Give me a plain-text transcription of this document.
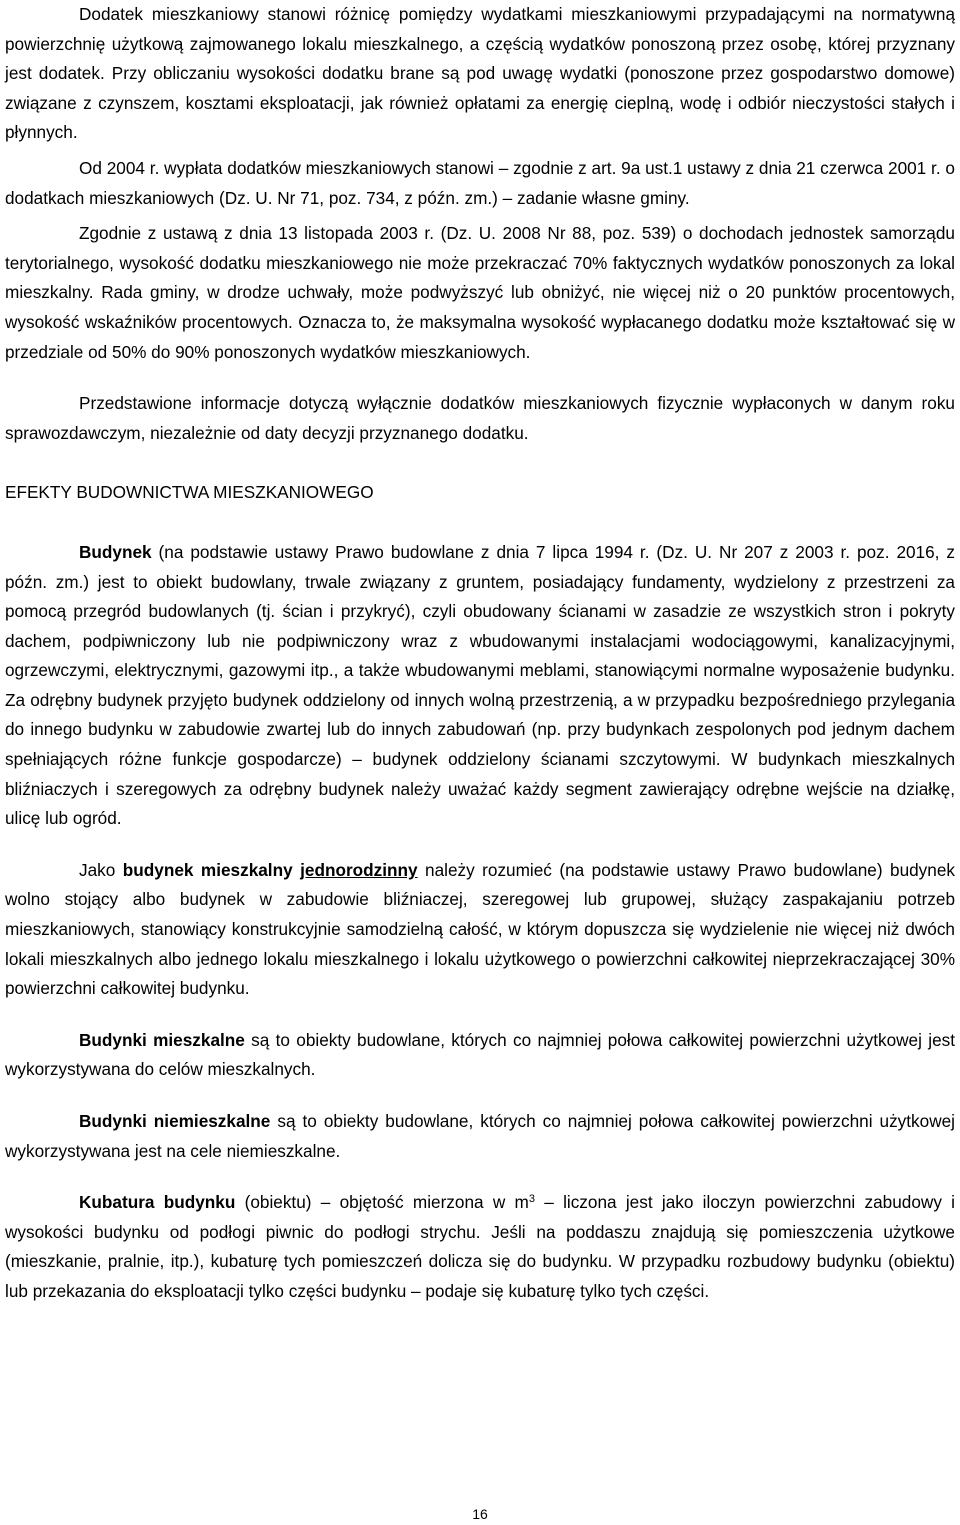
Dodatek mieszkaniowy stanowi różnicę pomiędzy wydatkami mieszkaniowymi przypadającymi na normatywną powierzchnię użytkową zajmowanego lokalu mieszkalnego, a częścią wydatków ponoszoną przez osobę, której przyznany jest dodatek. Przy obliczaniu wysokości dodatku brane są pod uwagę wydatki (ponoszone przez gospodarstwo domowe) związane z czynszem, kosztami eksploatacji, jak również opłatami za energię cieplną, wodę i odbiór nieczystości stałych i płynnych.

Od 2004 r. wypłata dodatków mieszkaniowych stanowi – zgodnie z art. 9a ust.1 ustawy z dnia 21 czerwca 2001 r. o dodatkach mieszkaniowych (Dz. U. Nr 71, poz. 734, z późn. zm.) – zadanie własne gminy.

Zgodnie z ustawą z dnia 13 listopada 2003 r. (Dz. U. 2008 Nr 88, poz. 539) o dochodach jednostek samorządu terytorialnego, wysokość dodatku mieszkaniowego nie może przekraczać 70% faktycznych wydatków ponoszonych za lokal mieszkalny. Rada gminy, w drodze uchwały, może podwyższyć lub obniżyć, nie więcej niż o 20 punktów procentowych, wysokość wskaźników procentowych. Oznacza to, że maksymalna wysokość wypłacanego dodatku może kształtować się w przedziale od 50% do 90% ponoszonych wydatków mieszkaniowych.

Przedstawione informacje dotyczą wyłącznie dodatków mieszkaniowych fizycznie wypłaconych w danym roku sprawozdawczym, niezależnie od daty decyzji przyznanego dodatku.

EFEKTY BUDOWNICTWA MIESZKANIOWEGO

Budynek (na podstawie ustawy Prawo budowlane z dnia 7 lipca 1994 r. (Dz. U. Nr 207 z 2003 r. poz. 2016, z późn. zm.) jest to obiekt budowlany, trwale związany z gruntem, posiadający fundamenty, wydzielony z przestrzeni za pomocą przegród budowlanych (tj. ścian i przykryć), czyli obudowany ścianami w zasadzie ze wszystkich stron i pokryty dachem, podpiwniczony lub nie podpiwniczony wraz z wbudowanymi instalacjami wodociągowymi, kanalizacyjnymi, ogrzewczymi, elektrycznymi, gazowymi itp., a także wbudowanymi meblami, stanowiącymi normalne wyposażenie budynku. Za odrębny budynek przyjęto budynek oddzielony od innych wolną przestrzenią, a w przypadku bezpośredniego przylegania do innego budynku w zabudowie zwartej lub do innych zabudowań (np. przy budynkach zespolonych pod jednym dachem spełniających różne funkcje gospodarcze) – budynek oddzielony ścianami szczytowymi. W budynkach mieszkalnych bliźniaczych i szeregowych za odrębny budynek należy uważać każdy segment zawierający odrębne wejście na działkę, ulicę lub ogród.

Jako budynek mieszkalny jednorodzinny należy rozumieć (na podstawie ustawy Prawo budowlane) budynek wolno stojący albo budynek w zabudowie bliźniaczej, szeregowej lub grupowej, służący zaspakajaniu potrzeb mieszkaniowych, stanowiący konstrukcyjnie samodzielną całość, w którym dopuszcza się wydzielenie nie więcej niż dwóch lokali mieszkalnych albo jednego lokalu mieszkalnego i lokalu użytkowego o powierzchni całkowitej nieprzekraczającej 30% powierzchni całkowitej budynku.

Budynki mieszkalne są to obiekty budowlane, których co najmniej połowa całkowitej powierzchni użytkowej jest wykorzystywana do celów mieszkalnych.

Budynki niemieszkalne są to obiekty budowlane, których co najmniej połowa całkowitej powierzchni użytkowej wykorzystywana jest na cele niemieszkalne.

Kubatura budynku (obiektu) – objętość mierzona w $m^3$ – liczona jest jako iloczyn powierzchni zabudowy i wysokości budynku od podłogi piwnic do podłogi strychu. Jeśli na poddaszu znajdują się pomieszczenia użytkowe (mieszkanie, pralnie, itp.), kubaturę tych pomieszczeń dolicza się do budynku. W przypadku rozbudowy budynku (obiektu) lub przekazania do eksploatacji tylko części budynku – podaje się kubaturę tylko tych części.

16
